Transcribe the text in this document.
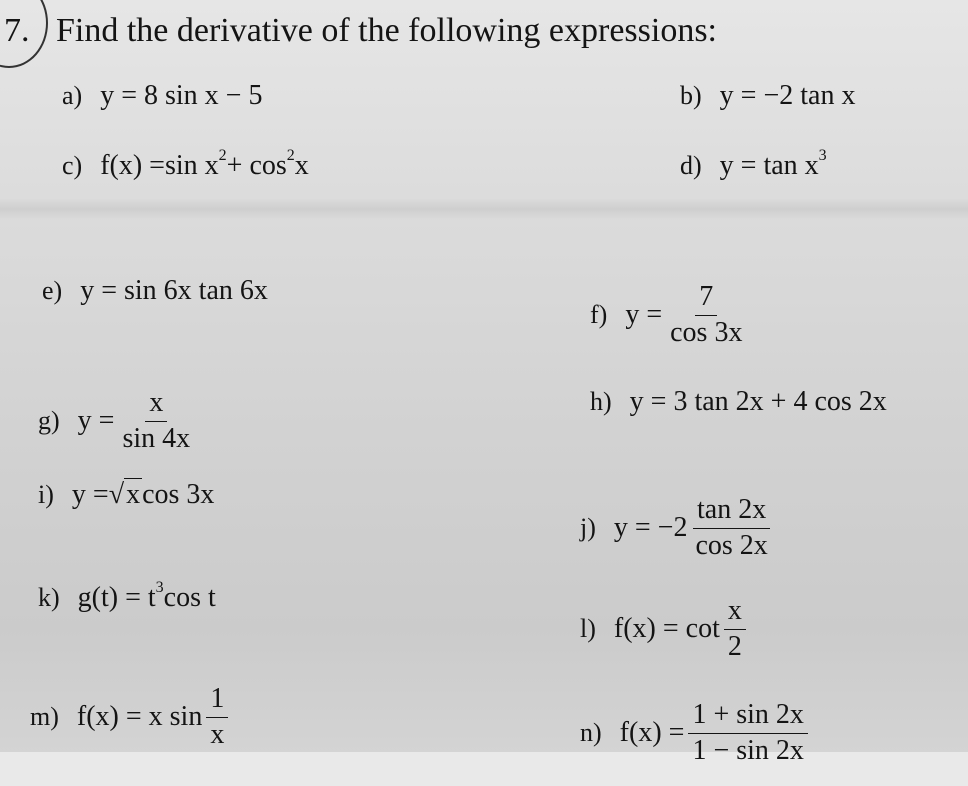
7. Find the derivative of the following expressions:
a) y = 8 sin x − 5	b) y = −2 tan x
c) f(x) = sin x 2 + cos 2 x	d) y = tan x 3
e) y = sin 6x tan 6x
f) $y = \frac{7}{\cos 3x}$
g) $y = \frac{x}{\sin 4x}$	h) y = 3 tan 2x + 4 cos 2x
i) y = √ x cos 3x
j) $y = -2 \frac{\tan 2x}{\cos 2x}$
k) g(t) = t 3 cos t
l) $f(x) = \cot \frac{x}{2}$
m) f(x) = x $\sin \frac{1}{x}$	n) $f(x) = \frac{1 + \sin 2x}{1 - \sin 2x}$
